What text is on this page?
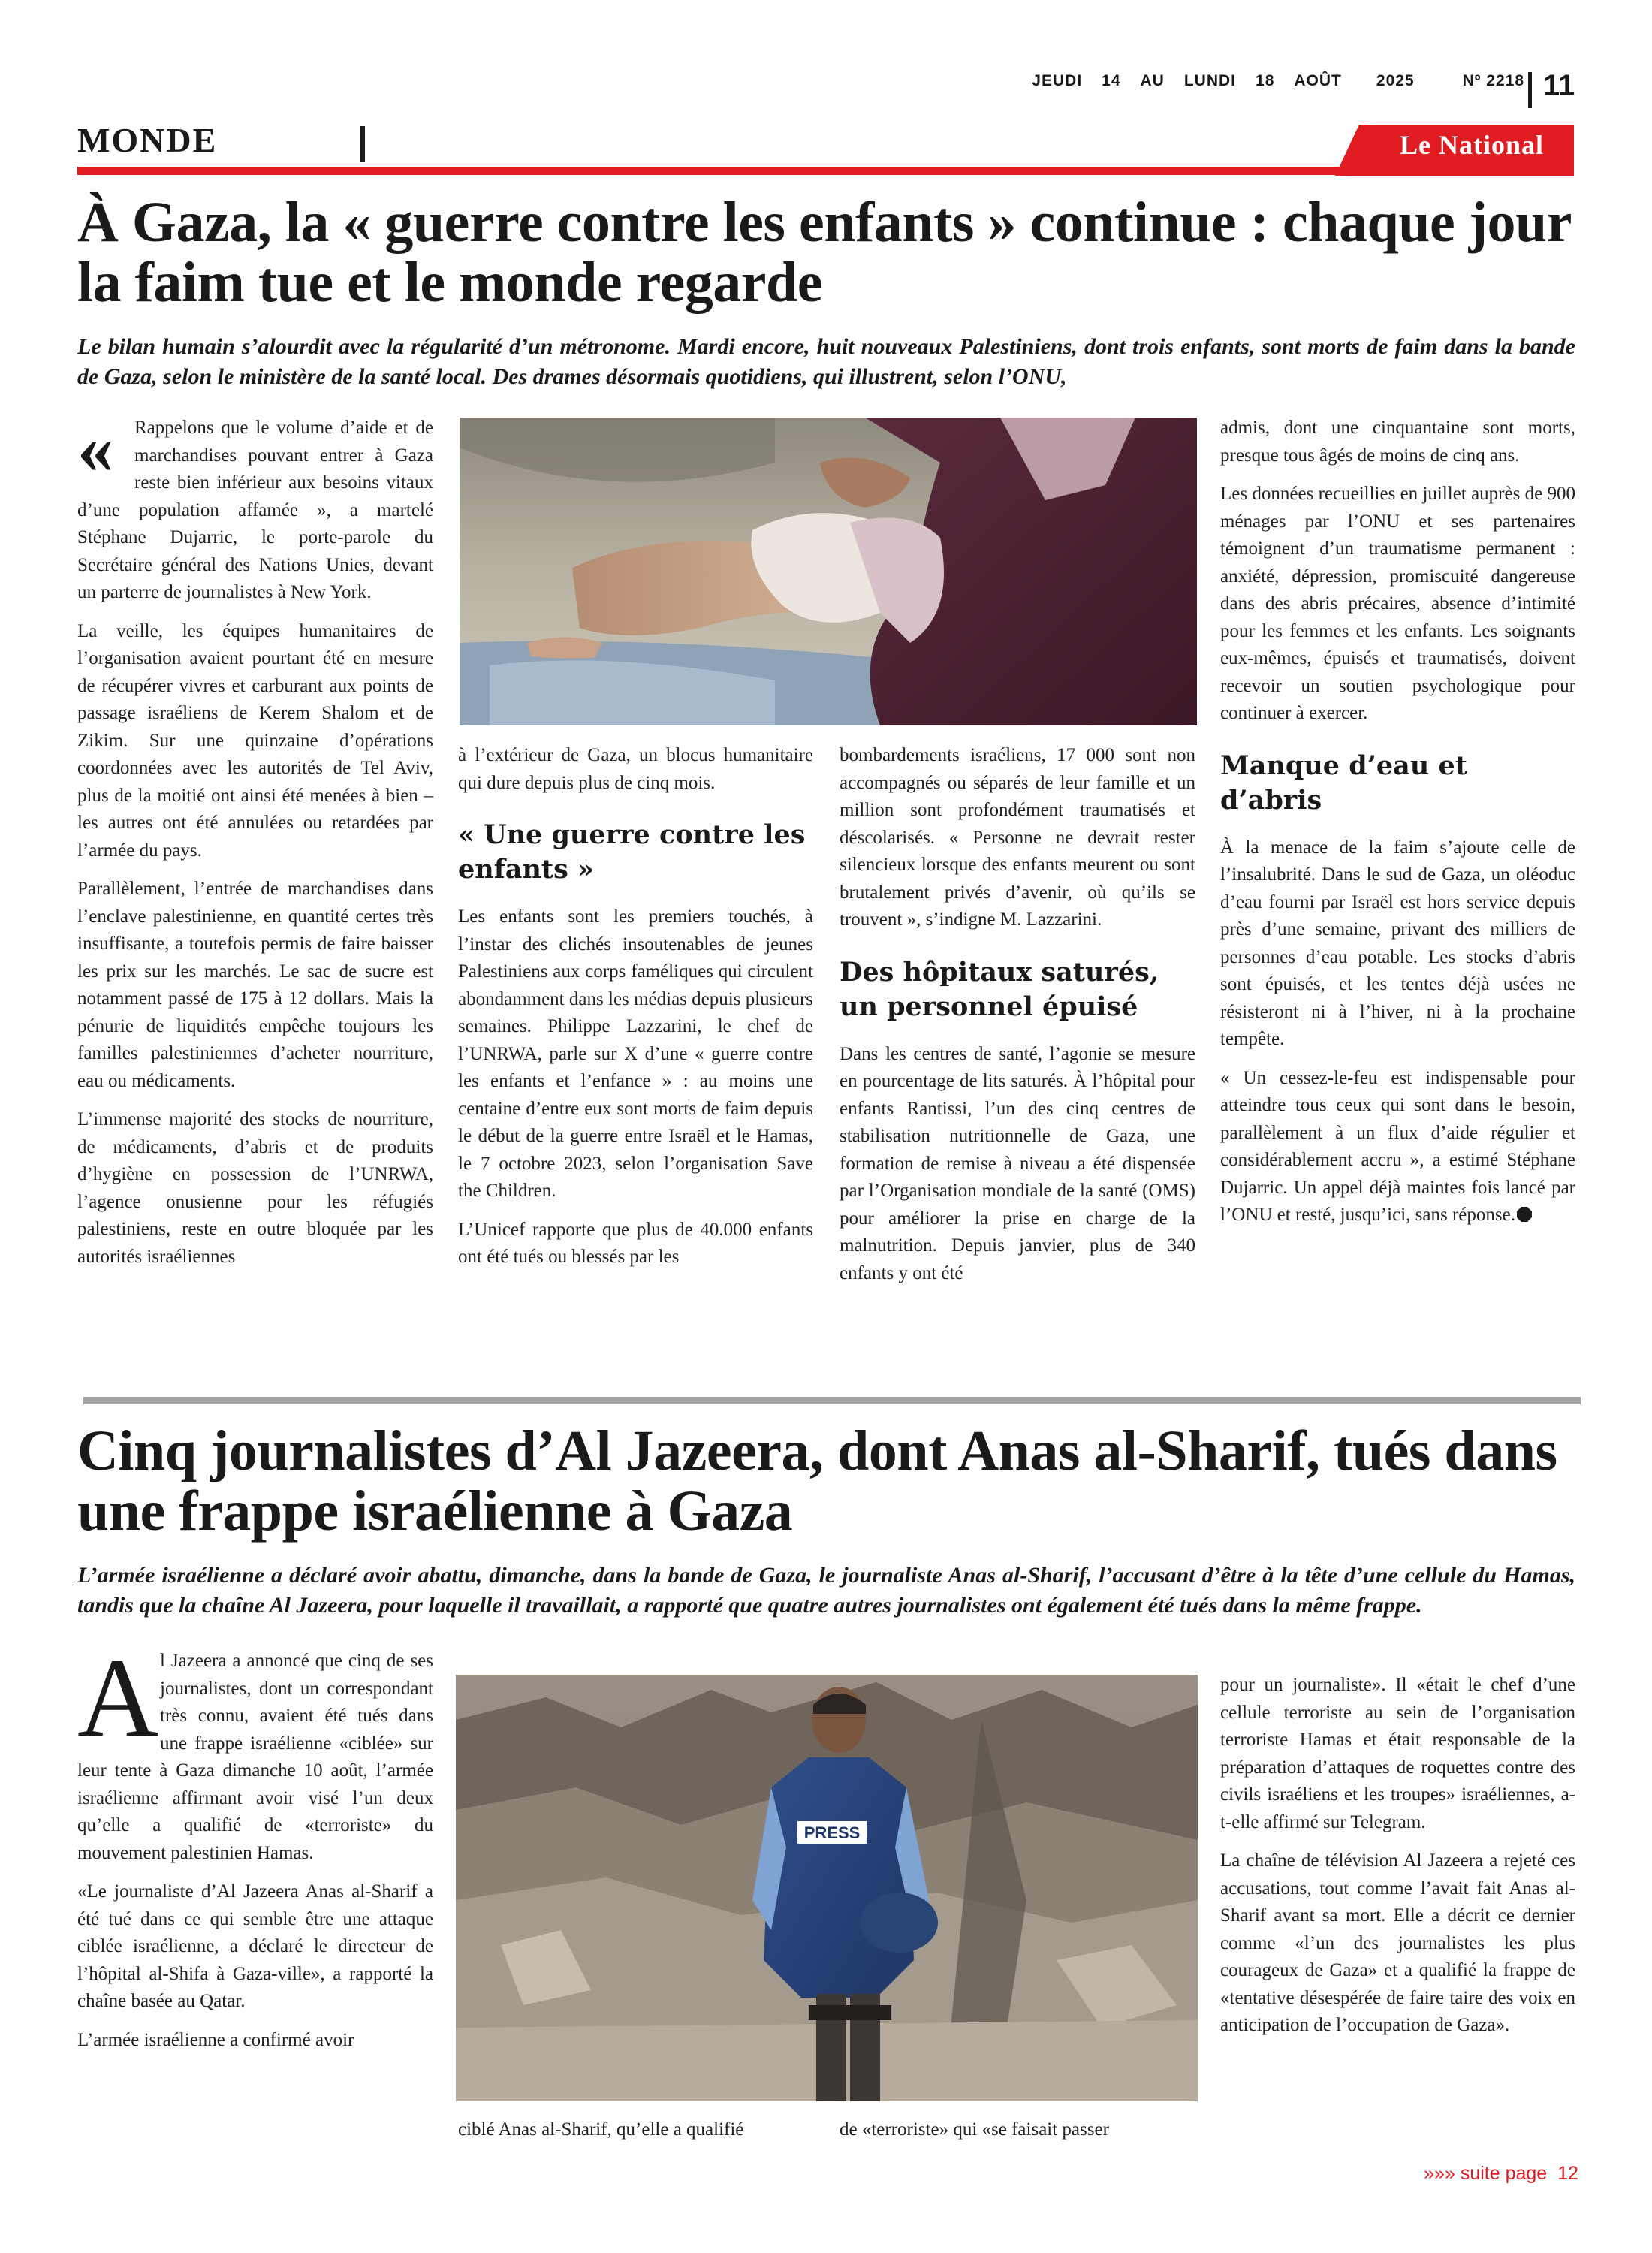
JEUDI 14 AU LUNDI 18 AOÛT 2025	Nº 2218 11
MONDE	Le National
À Gaza, la « guerre contre les enfants » continue : chaque jour la faim tue et le monde regarde
Le bilan humain s’alourdit avec la régularité d’un métronome. Mardi encore, huit nouveaux Palestiniens, dont trois enfants, sont morts de faim dans la bande de Gaza, selon le ministère de la santé local. Des drames désormais quotidiens, qui illustrent, selon l’ONU,

«	Rappelons que le volume d’aide et de marchandises pouvant entrer à Gaza reste bien inférieur aux besoins vitaux d’une population affamée », a martelé Stéphane Dujarric, le porte-parole du Secrétaire général des Nations Unies, devant un parterre de journalistes à New York.

La veille, les équipes humanitaires de l’organisation avaient pourtant été en mesure de récupérer vivres et carburant aux points de passage israéliens de Kerem Shalom et de Zikim. Sur une quinzaine d’opérations coordonnées avec les autorités de Tel Aviv, plus de la moitié ont ainsi été menées à bien – les autres ont été annulées ou retardées par l’armée du pays.

Parallèlement, l’entrée de marchandises dans l’enclave palestinienne, en quantité certes très insuffisante, a toutefois permis de faire baisser les prix sur les marchés. Le sac de sucre est notamment passé de 175 à 12 dollars. Mais la pénurie de liquidités empêche toujours les familles palestiniennes d’acheter nourriture, eau ou médicaments.

L’immense majorité des stocks de nourriture, de médicaments, d’abris et de produits d’hygiène en possession de l’UNRWA, l’agence onusienne pour les réfugiés palestiniens, reste en outre bloquée par les autorités israéliennes

à l’extérieur de Gaza, un blocus humanitaire qui dure depuis plus de cinq mois.

« Une guerre contre les enfants »

Les enfants sont les premiers touchés, à l’instar des clichés insoutenables de jeunes Palestiniens aux corps faméliques qui circulent abondamment dans les médias depuis plusieurs semaines. Philippe Lazzarini, le chef de l’UNRWA, parle sur X d’une « guerre contre les enfants et l’enfance » : au moins une centaine d’entre eux sont morts de faim depuis le début de la guerre entre Israël et le Hamas, le 7 octobre 2023, selon l’organisation Save the Children.

L’Unicef rapporte que plus de 40.000 enfants ont été tués ou blessés par les

bombardements israéliens, 17 000 sont non accompagnés ou séparés de leur famille et un million sont profondément traumatisés et déscolarisés. « Personne ne devrait rester silencieux lorsque des enfants meurent ou sont brutalement privés d’avenir, où qu’ils se trouvent », s’indigne M. Lazzarini.

Des hôpitaux saturés, un personnel épuisé

Dans les centres de santé, l’agonie se mesure en pourcentage de lits saturés. À l’hôpital pour enfants Rantissi, l’un des cinq centres de stabilisation nutritionnelle de Gaza, une formation de remise à niveau a été dispensée par l’Organisation mondiale de la santé (OMS) pour améliorer la prise en charge de la malnutrition. Depuis janvier, plus de 340 enfants y ont été

admis, dont une cinquantaine sont morts, presque tous âgés de moins de cinq ans.

Les données recueillies en juillet auprès de 900 ménages par l’ONU et ses partenaires témoignent d’un traumatisme permanent : anxiété, dépression, promiscuité dangereuse dans des abris précaires, absence d’intimité pour les femmes et les enfants. Les soignants eux-mêmes, épuisés et traumatisés, doivent recevoir un soutien psychologique pour continuer à exercer.

Manque d’eau et d’abris

À la menace de la faim s’ajoute celle de l’insalubrité. Dans le sud de Gaza, un oléoduc d’eau fourni par Israël est hors service depuis près d’une semaine, privant des milliers de personnes d’eau potable. Les stocks d’abris sont épuisés, et les tentes déjà usées ne résisteront ni à l’hiver, ni à la prochaine tempête.

« Un cessez-le-feu est indispensable pour atteindre tous ceux qui sont dans le besoin, parallèlement à un flux d’aide régulier et considérablement accru », a estimé Stéphane Dujarric. Un appel déjà maintes fois lancé par l’ONU et resté, jusqu’ici, sans réponse.

Cinq journalistes d’Al Jazeera, dont Anas al-Sharif, tués dans une frappe israélienne à Gaza
L’armée israélienne a déclaré avoir abattu, dimanche, dans la bande de Gaza, le journaliste Anas al-Sharif, l’accusant d’être à la tête d’une cellule du Hamas, tandis que la chaîne Al Jazeera, pour laquelle il travaillait, a rapporté que quatre autres journalistes ont également été tués dans la même frappe.

Al Jazeera a annoncé que cinq de ses journalistes, dont un correspondant très connu, avaient été tués dans une frappe israélienne «ciblée» sur leur tente à Gaza dimanche 10 août, l’armée israélienne affirmant avoir visé l’un deux qu’elle a qualifié de «terroriste» du mouvement palestinien Hamas.

«Le journaliste d’Al Jazeera Anas al-Sharif a été tué dans ce qui semble être une attaque ciblée israélienne, a déclaré le directeur de l’hôpital al-Shifa à Gaza-ville», a rapporté la chaîne basée au Qatar.

L’armée israélienne a confirmé avoir

PRESS

ciblé Anas al-Sharif, qu’elle a qualifié	de «terroriste» qui «se faisait passer

pour un journaliste». Il «était le chef d’une cellule terroriste au sein de l’organisation terroriste Hamas et était responsable de la préparation d’attaques de roquettes contre des civils israéliens et les troupes» israéliennes, a-t-elle affirmé sur Telegram.

La chaîne de télévision Al Jazeera a rejeté ces accusations, tout comme l’avait fait Anas al-Sharif avant sa mort. Elle a décrit ce dernier comme «l’un des journalistes les plus courageux de Gaza» et a qualifié la frappe de «tentative désespérée de faire taire des voix en anticipation de l’occupation de Gaza».

»»» suite page 12
